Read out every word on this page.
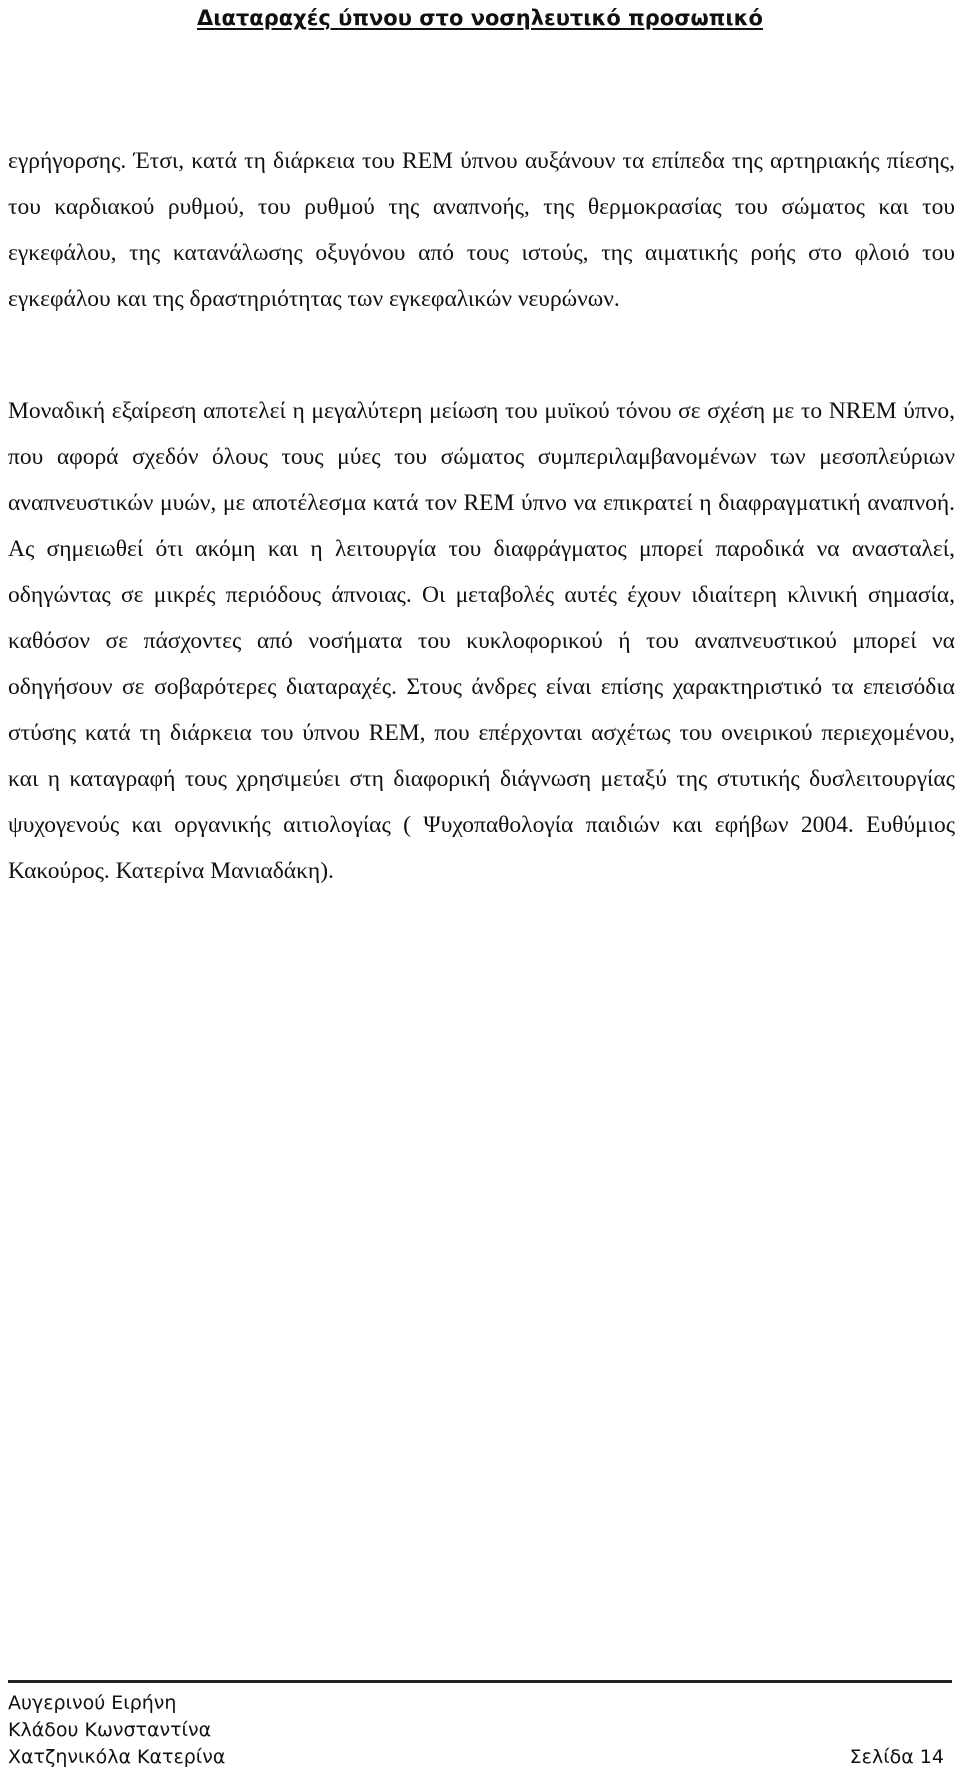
Διαταραχές ύπνου στο νοσηλευτικό προσωπικό

εγρήγορσης. Έτσι, κατά τη διάρκεια του REM ύπνου αυξάνουν τα επίπεδα της αρτηριακής πίεσης, του καρδιακού ρυθμού, του ρυθμού της αναπνοής, της θερμοκρασίας του σώματος και του εγκεφάλου, της κατανάλωσης οξυγόνου από τους ιστούς, της αιματικής ροής στο φλοιό του εγκεφάλου και της δραστηριότητας των εγκεφαλικών νευρώνων.

Μοναδική εξαίρεση αποτελεί η μεγαλύτερη μείωση του μυϊκού τόνου σε σχέση με το NREM ύπνο, που αφορά σχεδόν όλους τους μύες του σώματος συμπεριλαμβανομένων των μεσοπλεύριων αναπνευστικών μυών, με αποτέλεσμα κατά τον REM ύπνο να επικρατεί η διαφραγματική αναπνοή. Ας σημειωθεί ότι ακόμη και η λειτουργία του διαφράγματος μπορεί παροδικά να ανασταλεί, οδηγώντας σε μικρές περιόδους άπνοιας. Οι μεταβολές αυτές έχουν ιδιαίτερη κλινική σημασία, καθόσον σε πάσχοντες από νοσήματα του κυκλοφορικού ή του αναπνευστικού μπορεί να οδηγήσουν σε σοβαρότερες διαταραχές. Στους άνδρες είναι επίσης χαρακτηριστικό τα επεισόδια στύσης κατά τη διάρκεια του ύπνου REM, που επέρχονται ασχέτως του ονειρικού περιεχομένου, και η καταγραφή τους χρησιμεύει στη διαφορική διάγνωση μεταξύ της στυτικής δυσλειτουργίας ψυχογενούς και οργανικής αιτιολογίας ( Ψυχοπαθολογία παιδιών και εφήβων 2004. Ευθύμιος Κακούρος. Κατερίνα Μανιαδάκη).

Αυγερινού Ειρήνη
Κλάδου Κωνσταντίνα
Χατζηνικόλα Κατερίνα	Σελίδα 14
